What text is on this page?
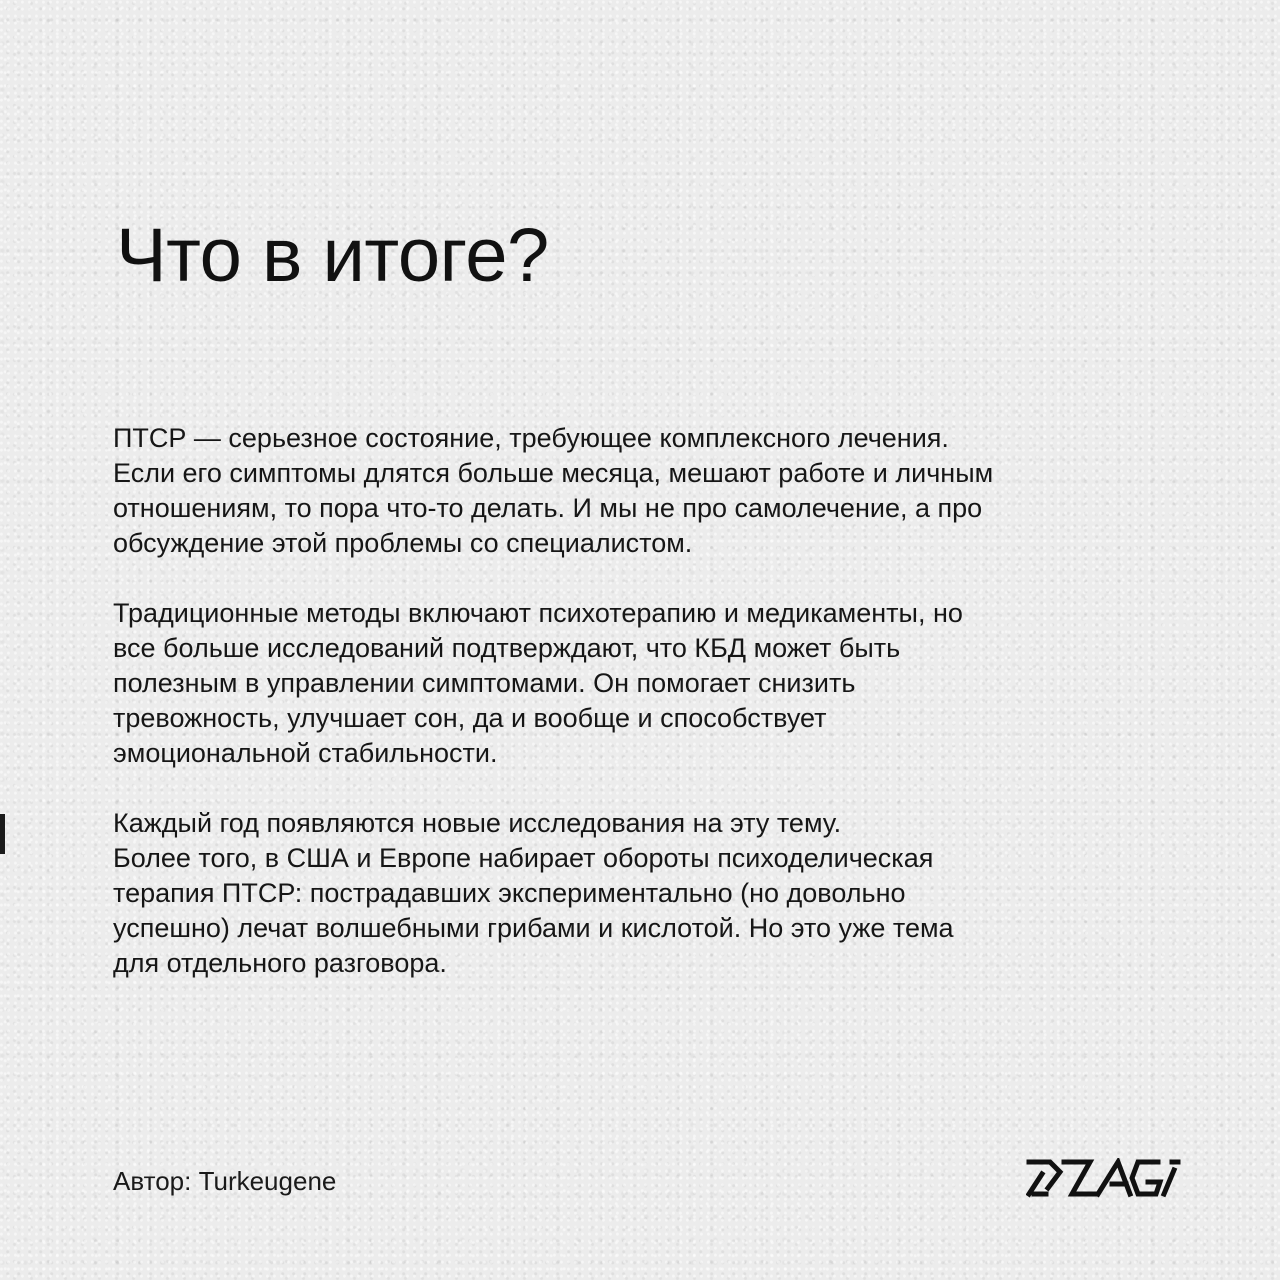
Что в итоге?

ПТСР — серьезное состояние, требующее комплексного лечения.
Если его симптомы длятся больше месяца, мешают работе и личным
отношениям, то пора что-то делать. И мы не про самолечение, а про
обсуждение этой проблемы со специалистом.

Традиционные методы включают психотерапию и медикаменты, но
все больше исследований подтверждают, что КБД может быть
полезным в управлении симптомами. Он помогает снизить
тревожность, улучшает сон, да и вообще и способствует
эмоциональной стабильности.

Каждый год появляются новые исследования на эту тему.
Более того, в США и Европе набирает обороты психоделическая
терапия ПТСР: пострадавших экспериментально (но довольно
успешно) лечат волшебными грибами и кислотой. Но это уже тема
для отдельного разговора.

Автор: Turkeugene
